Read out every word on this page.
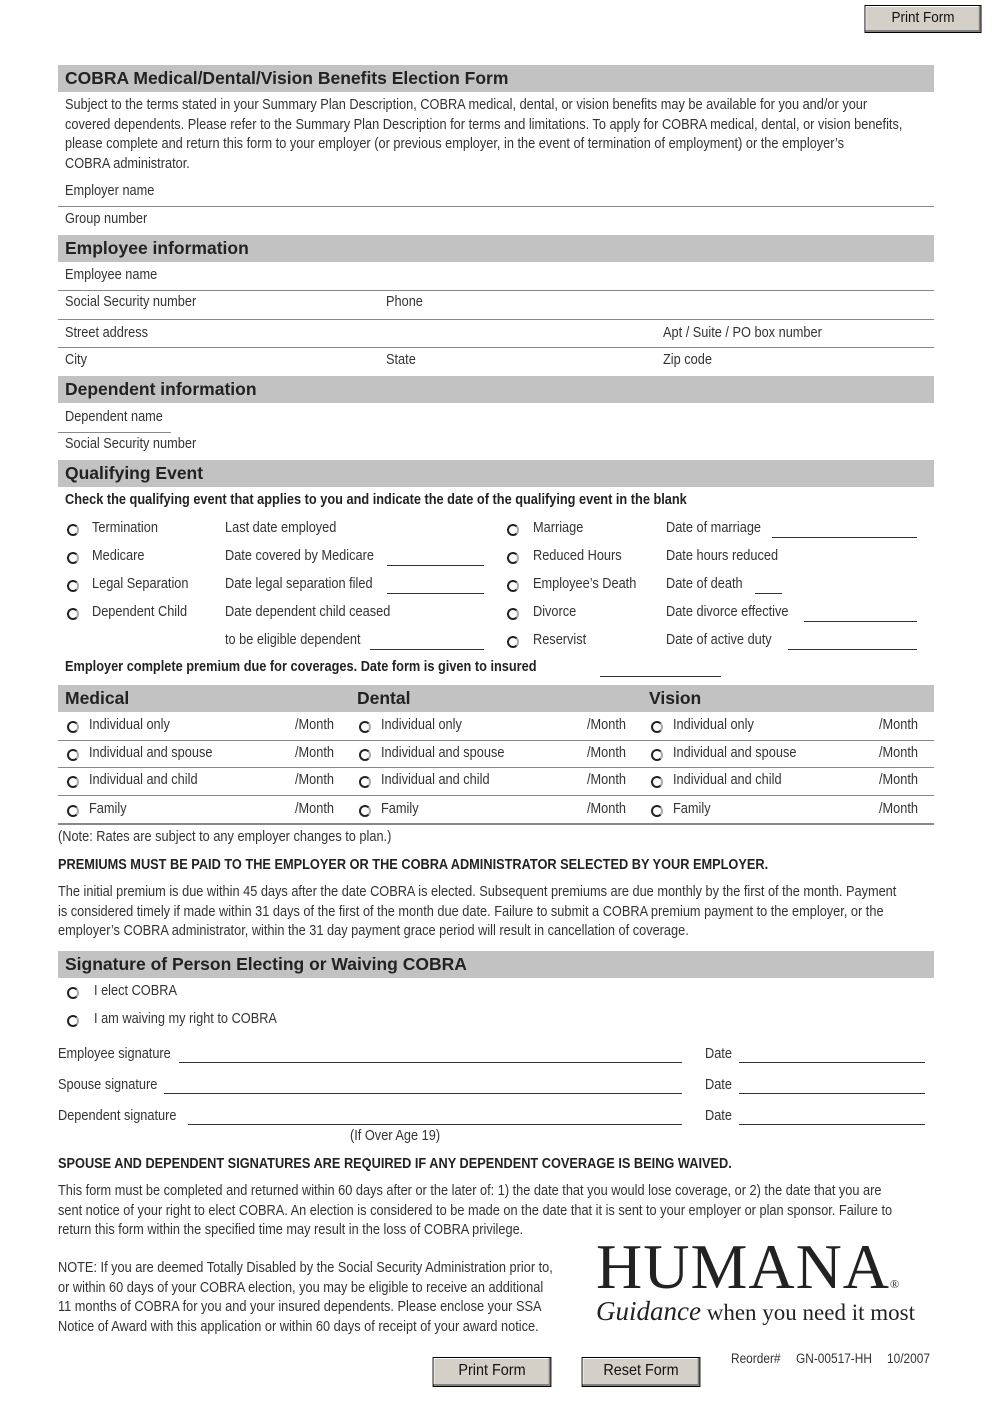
Print Form
COBRA Medical/Dental/Vision Benefits Election Form
Subject to the terms stated in your Summary Plan Description, COBRA medical, dental, or vision benefits may be available for you and/or your
covered dependents. Please refer to the Summary Plan Description for terms and limitations. To apply for COBRA medical, dental, or vision benefits,
please complete and return this form to your employer (or previous employer, in the event of termination of employment) or the employer’s
COBRA administrator.
Employer name
Group number
Employee information
Employee name
Social Security number	Phone
Street address	Apt / Suite / PO box number
City	State	Zip code
Dependent information
Dependent name
Social Security number
Qualifying Event
Check the qualifying event that applies to you and indicate the date of the qualifying event in the blank
Termination	Last date employed
Medicare	Date covered by Medicare
Legal Separation	Date legal separation filed
Dependent Child	Date dependent child ceased
to be eligible dependent
Marriage	Date of marriage
Reduced Hours	Date hours reduced
Employee’s Death Date of death
Divorce	Date divorce effective
Reservist	Date of active duty
Employer complete premium due for coverages. Date form is given to insured
Medical	Dental	Vision
Individual only	/Month	Individual only	/Month	Individual only	/Month
Individual and spouse	/Month	Individual and spouse	/Month	Individual and spouse	/Month
Individual and child	/Month	Individual and child	/Month	Individual and child	/Month
Family	/Month	Family	/Month	Family	/Month
(Note: Rates are subject to any employer changes to plan.)
PREMIUMS MUST BE PAID TO THE EMPLOYER OR THE COBRA ADMINISTRATOR SELECTED BY YOUR EMPLOYER.
The initial premium is due within 45 days after the date COBRA is elected. Subsequent premiums are due monthly by the first of the month. Payment
is considered timely if made within 31 days of the first of the month due date. Failure to submit a COBRA premium payment to the employer, or the
employer’s COBRA administrator, within the 31 day payment grace period will result in cancellation of coverage.
Signature of Person Electing or Waiving COBRA
I elect COBRA
I am waiving my right to COBRA
Employee signature	Date
Spouse signature	Date
Dependent signature	Date
(If Over Age 19)
SPOUSE AND DEPENDENT SIGNATURES ARE REQUIRED IF ANY DEPENDENT COVERAGE IS BEING WAIVED.
This form must be completed and returned within 60 days after or the later of: 1) the date that you would lose coverage, or 2) the date that you are
sent notice of your right to elect COBRA. An election is considered to be made on the date that it is sent to your employer or plan sponsor. Failure to
return this form within the specified time may result in the loss of COBRA privilege.
NOTE: If you are deemed Totally Disabled by the Social Security Administration prior to,
or within 60 days of your COBRA election, you may be eligible to receive an additional
11 months of COBRA for you and your insured dependents. Please enclose your SSA
Notice of Award with this application or within 60 days of receipt of your award notice.
HUMANA®
Guidance when you need it most
Print Form	Reset Form
Reorder# GN-00517-HH 10/2007
